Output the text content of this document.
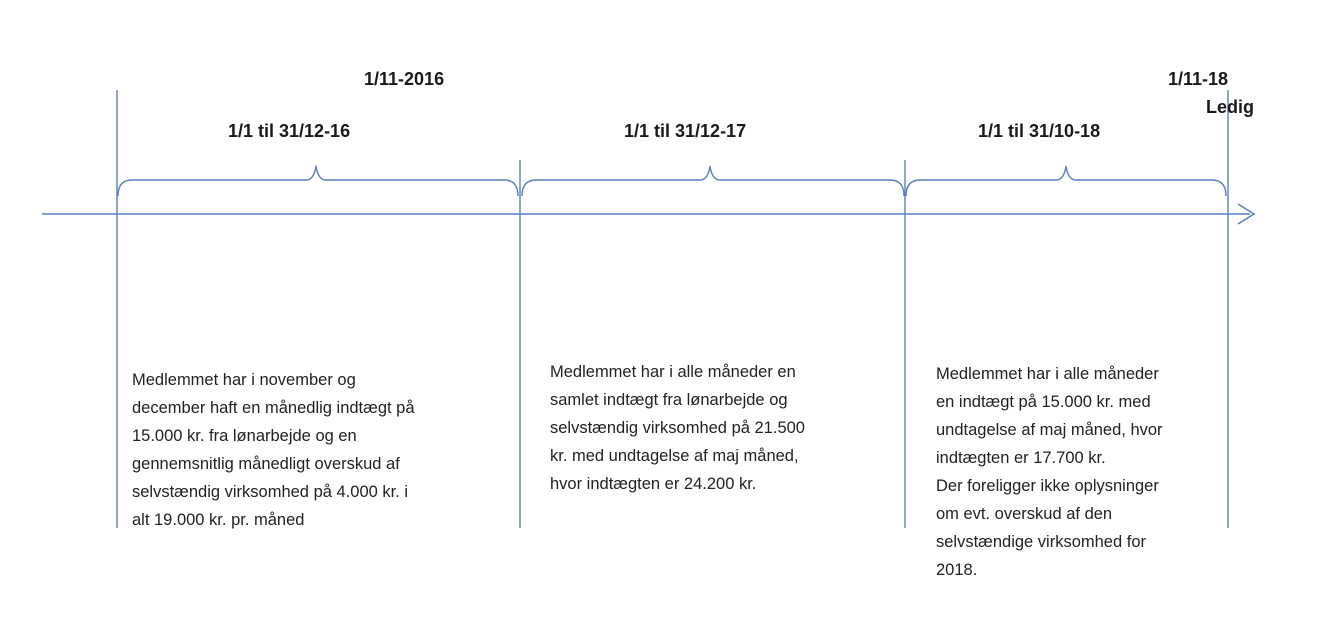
1/11-2016	1/11-18
Ledig
1/1 til 31/12-16	1/1 til 31/12-17	1/1 til 31/10-18
Medlemmet har i november og
december haft en månedlig indtægt på
15.000 kr. fra lønarbejde og en
gennemsnitlig månedligt overskud af
selvstændig virksomhed på 4.000 kr. i
alt 19.000 kr. pr. måned
Medlemmet har i alle måneder en
samlet indtægt fra lønarbejde og
selvstændig virksomhed på 21.500
kr. med undtagelse af maj måned,
hvor indtægten er 24.200 kr.
Medlemmet har i alle måneder
en indtægt på 15.000 kr. med
undtagelse af maj måned, hvor
indtægten er 17.700 kr.
Der foreligger ikke oplysninger
om evt. overskud af den
selvstændige virksomhed for
2018.
